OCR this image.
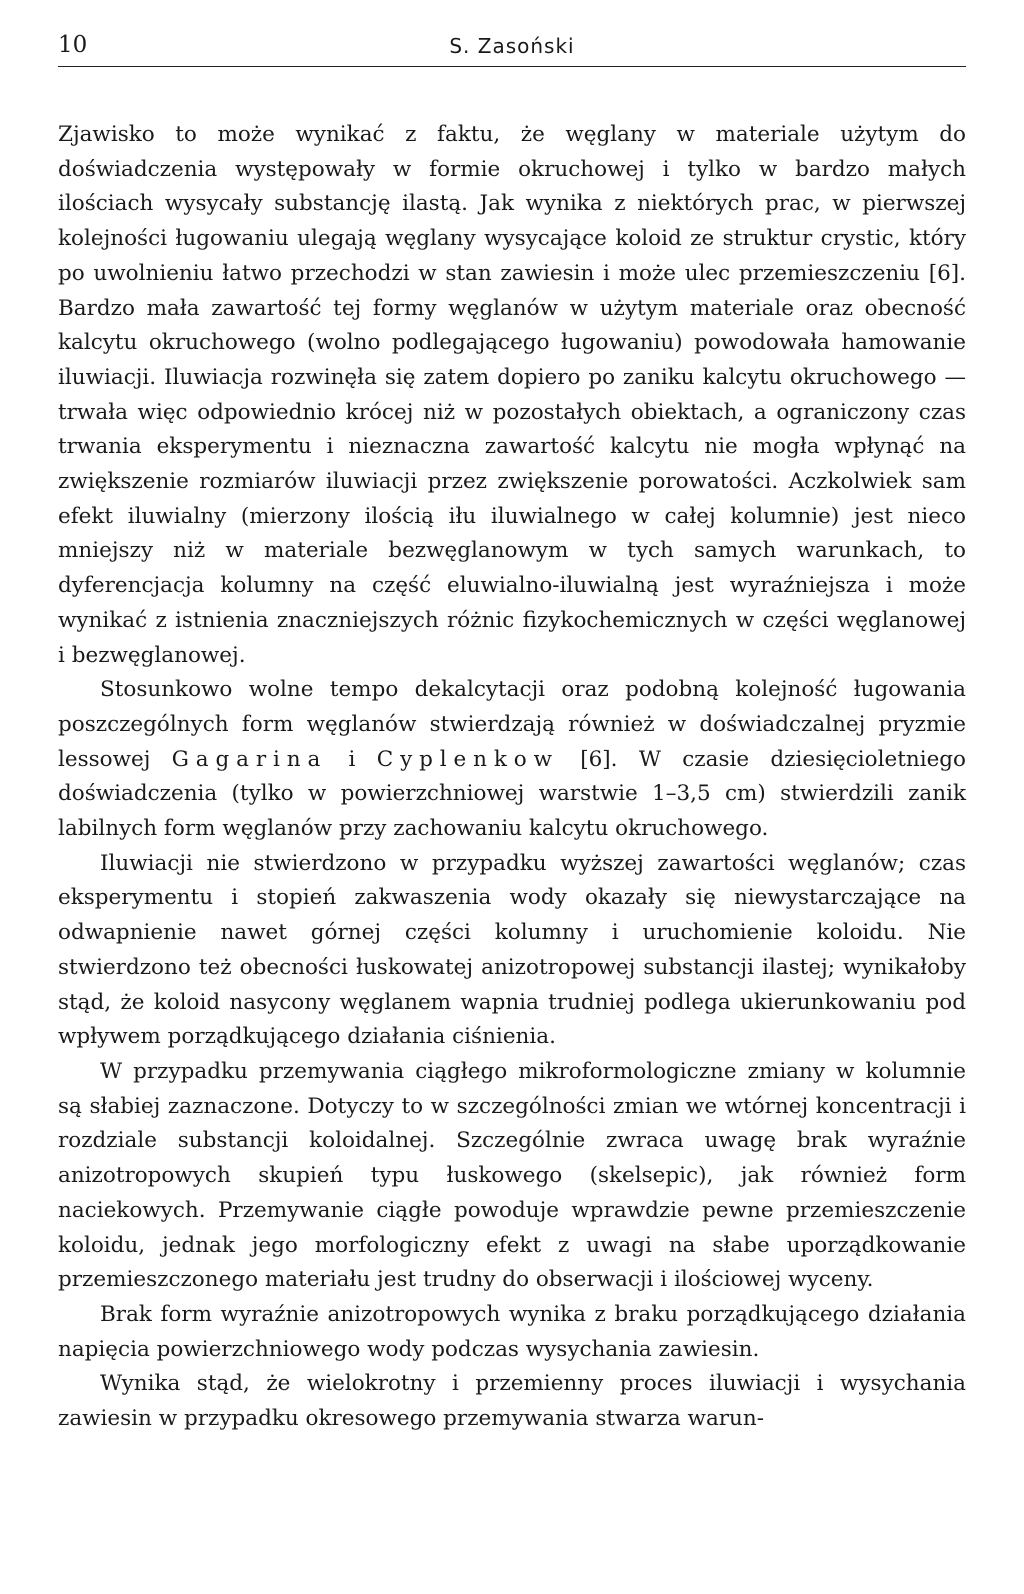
10	S. Zasoński

Zjawisko to może wynikać z faktu, że węglany w materiale użytym do doświadczenia występowały w formie okruchowej i tylko w bardzo małych ilościach wysycały substancję ilastą. Jak wynika z niektórych prac, w pierwszej kolejności ługowaniu ulegają węglany wysycające koloid ze struktur crystic, który po uwolnieniu łatwo przechodzi w stan zawiesin i może ulec przemieszczeniu [6]. Bardzo mała zawartość tej formy węglanów w użytym materiale oraz obecność kalcytu okruchowego (wolno podlegającego ługowaniu) powodowała hamowanie iluwiacji. Iluwiacja rozwinęła się zatem dopiero po zaniku kalcytu okruchowego — trwała więc odpowiednio krócej niż w pozostałych obiektach, a ograniczony czas trwania eksperymentu i nieznaczna zawartość kalcytu nie mogła wpłynąć na zwiększenie rozmiarów iluwiacji przez zwiększenie porowatości. Aczkolwiek sam efekt iluwialny (mierzony ilością iłu iluwialnego w całej kolumnie) jest nieco mniejszy niż w materiale bezwęglanowym w tych samych warunkach, to dyferencjacja kolumny na część eluwialno-iluwialną jest wyraźniejsza i może wynikać z istnienia znaczniejszych różnic fizykochemicznych w części węglanowej i bezwęglanowej.

Stosunkowo wolne tempo dekalcytacji oraz podobną kolejność ługowania poszczególnych form węglanów stwierdzają również w doświadczalnej pryzmie lessowej Gagarina i Cyplenkow [6]. W czasie dziesięcioletniego doświadczenia (tylko w powierzchniowej warstwie 1–3,5 cm) stwierdzili zanik labilnych form węglanów przy zachowaniu kalcytu okruchowego.

Iluwiacji nie stwierdzono w przypadku wyższej zawartości węglanów; czas eksperymentu i stopień zakwaszenia wody okazały się niewystarczające na odwapnienie nawet górnej części kolumny i uruchomienie koloidu. Nie stwierdzono też obecności łuskowatej anizotropowej substancji ilastej; wynikałoby stąd, że koloid nasycony węglanem wapnia trudniej podlega ukierunkowaniu pod wpływem porządkującego działania ciśnienia.

W przypadku przemywania ciągłego mikroformologiczne zmiany w kolumnie są słabiej zaznaczone. Dotyczy to w szczególności zmian we wtórnej koncentracji i rozdziale substancji koloidalnej. Szczególnie zwraca uwagę brak wyraźnie anizotropowych skupień typu łuskowego (skelsepic), jak również form naciekowych. Przemywanie ciągłe powoduje wprawdzie pewne przemieszczenie koloidu, jednak jego morfologiczny efekt z uwagi na słabe uporządkowanie przemieszczonego materiału jest trudny do obserwacji i ilościowej wyceny.

Brak form wyraźnie anizotropowych wynika z braku porządkującego działania napięcia powierzchniowego wody podczas wysychania zawiesin.

Wynika stąd, że wielokrotny i przemienny proces iluwiacji i wysychania zawiesin w przypadku okresowego przemywania stwarza warun-
